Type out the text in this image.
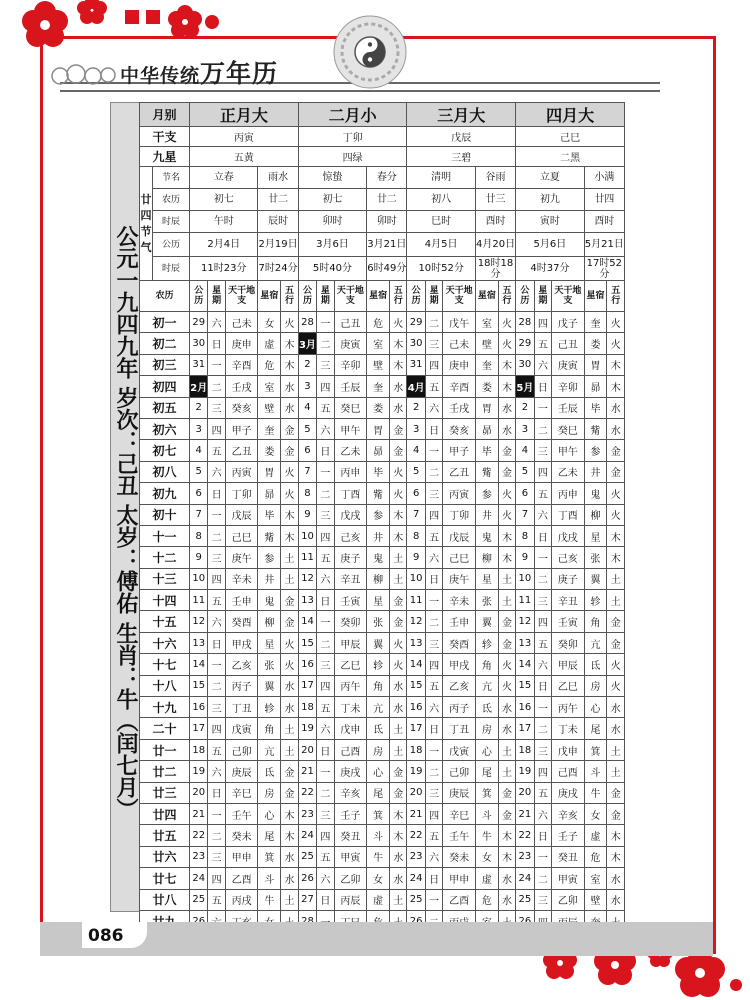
中华传统万年历
公元一九四九年 岁次：己丑 太岁：傅佑 生肖：牛（闰七月）
月别		正月大					二月小					三月大					四月大				
干支		丙寅					丁卯					戊辰					己巳				
九星		五黄					四绿					三碧					二黑				
廿四节气	节名	立春			雨水		惊蛰			春分		清明			谷雨		立夏			小满	
	农历	初七			廿二		初七			廿二		初八			廿三		初九			廿四	
	时辰	午时			辰时		卯时			卯时		巳时			酉时		寅时			酉时	
	公历	2月4日			2月19日		3月6日			3月21日		4月5日			4月20日		5月6日			5月21日	
	时辰	11时23分			7时24分		5时40分			6时49分		10时52分			18时18分		4时37分			17时52分	
农历		公历	星期	天干地支	星宿	五行	公历	星期	天干地支	星宿	五行	公历	星期	天干地支	星宿	五行	公历	星期	天干地支	星宿	五行
初一		29	六	己未	女	火	28	一	己丑	危	火	29	二	戊午	室	火	28	四	戊子	奎	火
初二		30	日	庚申	虚	木	3月	二	庚寅	室	木	30	三	己未	壁	火	29	五	己丑	娄	火
初三		31	一	辛酉	危	木	2	三	辛卯	壁	木	31	四	庚申	奎	木	30	六	庚寅	胃	木
初四		2月	二	壬戌	室	水	3	四	壬辰	奎	水	4月	五	辛酉	娄	木	5月	日	辛卯	昴	木
初五		2	三	癸亥	壁	水	4	五	癸巳	娄	水	2	六	壬戌	胃	水	2	一	壬辰	毕	水
初六		3	四	甲子	奎	金	5	六	甲午	胃	金	3	日	癸亥	昴	水	3	二	癸巳	觜	水
初七		4	五	乙丑	娄	金	6	日	乙未	昴	金	4	一	甲子	毕	金	4	三	甲午	参	金
初八		5	六	丙寅	胃	火	7	一	丙申	毕	火	5	二	乙丑	觜	金	5	四	乙未	井	金
初九		6	日	丁卯	昴	火	8	二	丁酉	觜	火	6	三	丙寅	参	火	6	五	丙申	鬼	火
初十		7	一	戊辰	毕	木	9	三	戊戌	参	木	7	四	丁卯	井	火	7	六	丁酉	柳	火
十一		8	二	己巳	觜	木	10	四	己亥	井	木	8	五	戊辰	鬼	木	8	日	戊戌	星	木
十二		9	三	庚午	参	土	11	五	庚子	鬼	土	9	六	己巳	柳	木	9	一	己亥	张	木
十三		10	四	辛未	井	土	12	六	辛丑	柳	土	10	日	庚午	星	土	10	二	庚子	翼	土
十四		11	五	壬申	鬼	金	13	日	壬寅	星	金	11	一	辛未	张	土	11	三	辛丑	轸	土
十五		12	六	癸酉	柳	金	14	一	癸卯	张	金	12	二	壬申	翼	金	12	四	壬寅	角	金
十六		13	日	甲戌	星	火	15	二	甲辰	翼	火	13	三	癸酉	轸	金	13	五	癸卯	亢	金
十七		14	一	乙亥	张	火	16	三	乙巳	轸	火	14	四	甲戌	角	火	14	六	甲辰	氐	火
十八		15	二	丙子	翼	水	17	四	丙午	角	水	15	五	乙亥	亢	火	15	日	乙巳	房	火
十九		16	三	丁丑	轸	水	18	五	丁未	亢	水	16	六	丙子	氐	水	16	一	丙午	心	水
二十		17	四	戊寅	角	土	19	六	戊申	氐	土	17	日	丁丑	房	水	17	二	丁未	尾	水
廿一		18	五	己卯	亢	土	20	日	己酉	房	土	18	一	戊寅	心	土	18	三	戊申	箕	土
廿二		19	六	庚辰	氐	金	21	一	庚戌	心	金	19	二	己卯	尾	土	19	四	己酉	斗	土
廿三		20	日	辛巳	房	金	22	二	辛亥	尾	金	20	三	庚辰	箕	金	20	五	庚戌	牛	金
廿四		21	一	壬午	心	木	23	三	壬子	箕	木	21	四	辛巳	斗	金	21	六	辛亥	女	金
廿五		22	二	癸未	尾	木	24	四	癸丑	斗	木	22	五	壬午	牛	木	22	日	壬子	虚	木
廿六		23	三	甲申	箕	水	25	五	甲寅	牛	水	23	六	癸未	女	木	23	一	癸丑	危	木
廿七		24	四	乙酉	斗	水	26	六	乙卯	女	水	24	日	甲申	虚	水	24	二	甲寅	室	水
廿八		25	五	丙戌	牛	土	27	日	丙辰	虚	土	25	一	乙酉	危	水	25	三	乙卯	壁	水

086
